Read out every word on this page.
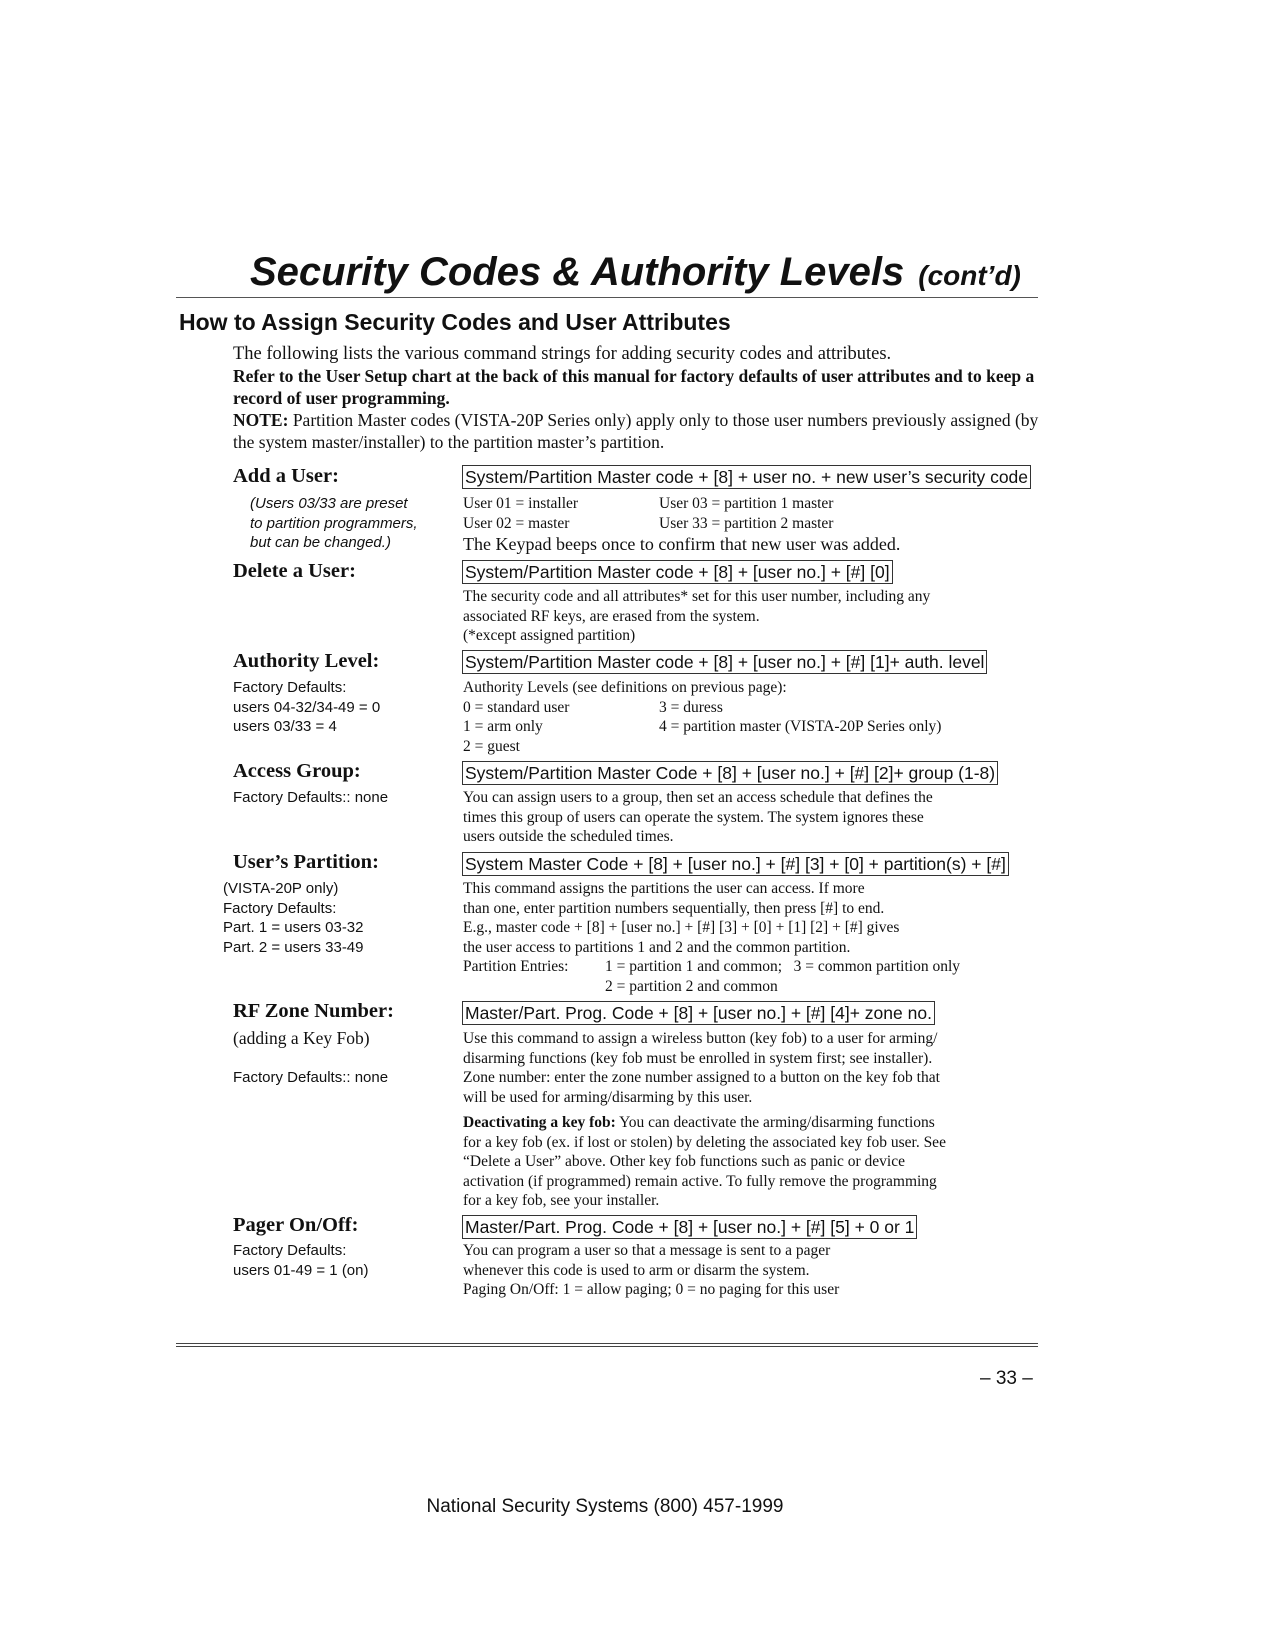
Security Codes & Authority Levels (cont’d)
How to Assign Security Codes and User Attributes
The following lists the various command strings for adding security codes and attributes.
Refer to the User Setup chart at the back of this manual for factory defaults of user attributes and to keep a record of user programming.
NOTE: Partition Master codes (VISTA-20P Series only) apply only to those user numbers previously assigned (by the system master/installer) to the partition master’s partition.
Add a User:
(Users 03/33 are preset
to partition programmers,
but can be changed.)
System/Partition Master code + [8] + user no. + new user’s security code
User 01 = installer	User 03 = partition 1 master
User 02 = master	User 33 = partition 2 master
The Keypad beeps once to confirm that new user was added.
Delete a User:	System/Partition Master code + [8] + [user no.] + [#] [0]
The security code and all attributes* set for this user number, including any
associated RF keys, are erased from the system.
(*except assigned partition)
Authority Level:
Factory Defaults:
users 04-32/34-49 = 0
users 03/33 = 4
System/Partition Master code + [8] + [user no.] + [#] [1]+ auth. level
Authority Levels (see definitions on previous page):
0 = standard user	3 = duress
1 = arm only	4 = partition master (VISTA-20P Series only)
2 = guest
Access Group:
Factory Defaults:: none
System/Partition Master Code + [8] + [user no.] + [#] [2]+ group (1-8)
You can assign users to a group, then set an access schedule that defines the
times this group of users can operate the system. The system ignores these
users outside the scheduled times.
User’s Partition:
(VISTA-20P only)
Factory Defaults:
Part. 1 = users 03-32
Part. 2 = users 33-49
System Master Code + [8] + [user no.] + [#] [3] + [0] + partition(s) + [#]
This command assigns the partitions the user can access. If more
than one, enter partition numbers sequentially, then press [#] to end.
E.g., master code + [8] + [user no.] + [#] [3] + [0] + [1] [2] + [#] gives
the user access to partitions 1 and 2 and the common partition.
Partition Entries: 1 = partition 1 and common;   3 = common partition only
2 = partition 2 and common
RF Zone Number:
(adding a Key Fob)
Factory Defaults:: none
Master/Part. Prog. Code + [8] + [user no.] + [#] [4]+ zone no.
Use this command to assign a wireless button (key fob) to a user for arming/
disarming functions (key fob must be enrolled in system first; see installer).
Zone number: enter the zone number assigned to a button on the key fob that
will be used for arming/disarming by this user.
Deactivating a key fob: You can deactivate the arming/disarming functions
for a key fob (ex. if lost or stolen) by deleting the associated key fob user. See
“Delete a User” above. Other key fob functions such as panic or device
activation (if programmed) remain active. To fully remove the programming
for a key fob, see your installer.
Pager On/Off:
Factory Defaults:
users 01-49 = 1 (on)
Master/Part. Prog. Code + [8] + [user no.] + [#] [5] + 0 or 1
You can program a user so that a message is sent to a pager
whenever this code is used to arm or disarm the system.
Paging On/Off: 1 = allow paging; 0 = no paging for this user
– 33 –
National Security Systems (800) 457-1999
